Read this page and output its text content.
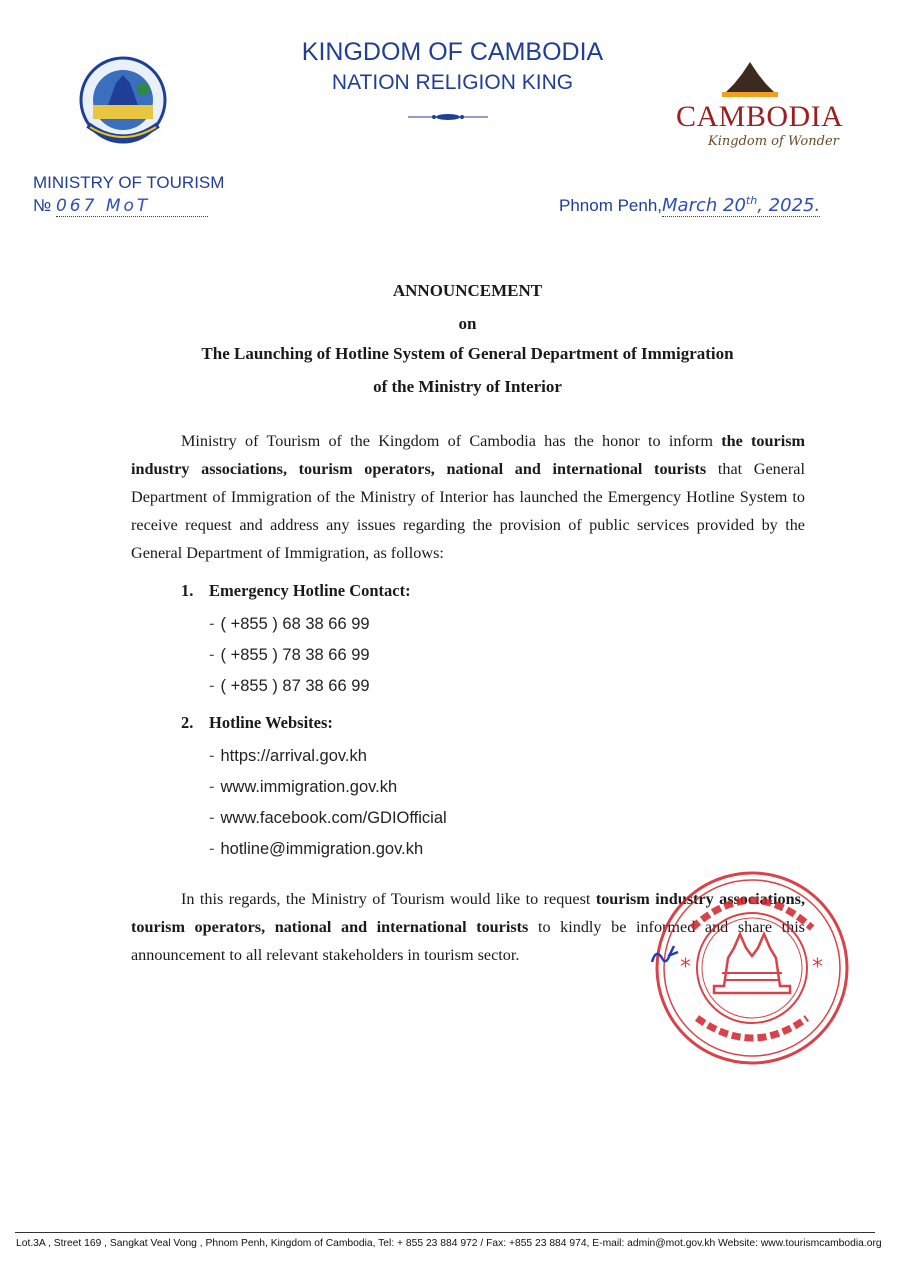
KINGDOM OF CAMBODIA
NATION RELIGION KING
CAMBODIA
Kingdom of Wonder
MINISTRY OF TOURISM
№ 067 MoT	Phnom Penh,March 20th, 2025.
ANNOUNCEMENT
on
The Launching of Hotline System of General Department of Immigration
of the Ministry of Interior
Ministry of Tourism of the Kingdom of Cambodia has the honor to inform the tourism industry associations, tourism operators, national and international tourists that General Department of Immigration of the Ministry of Interior has launched the Emergency Hotline System to receive request and address any issues regarding the provision of public services provided by the General Department of Immigration, as follows:
1. Emergency Hotline Contact:
- ( +855 ) 68 38 66 99
- ( +855 ) 78 38 66 99
- ( +855 ) 87 38 66 99
2. Hotline Websites:
- https://arrival.gov.kh
- www.immigration.gov.kh
- www.facebook.com/GDIOfficial
- hotline@immigration.gov.kh
In this regards, the Ministry of Tourism would like to request tourism industry associations, tourism operators, national and international tourists to kindly be informed and share this announcement to all relevant stakeholders in tourism sector.	*	*
Lot.3A , Street 169 , Sangkat Veal Vong , Phnom Penh, Kingdom of Cambodia, Tel: + 855 23 884 972 / Fax: +855 23 884 974, E-mail: admin@mot.gov.kh Website: www.tourismcambodia.org
